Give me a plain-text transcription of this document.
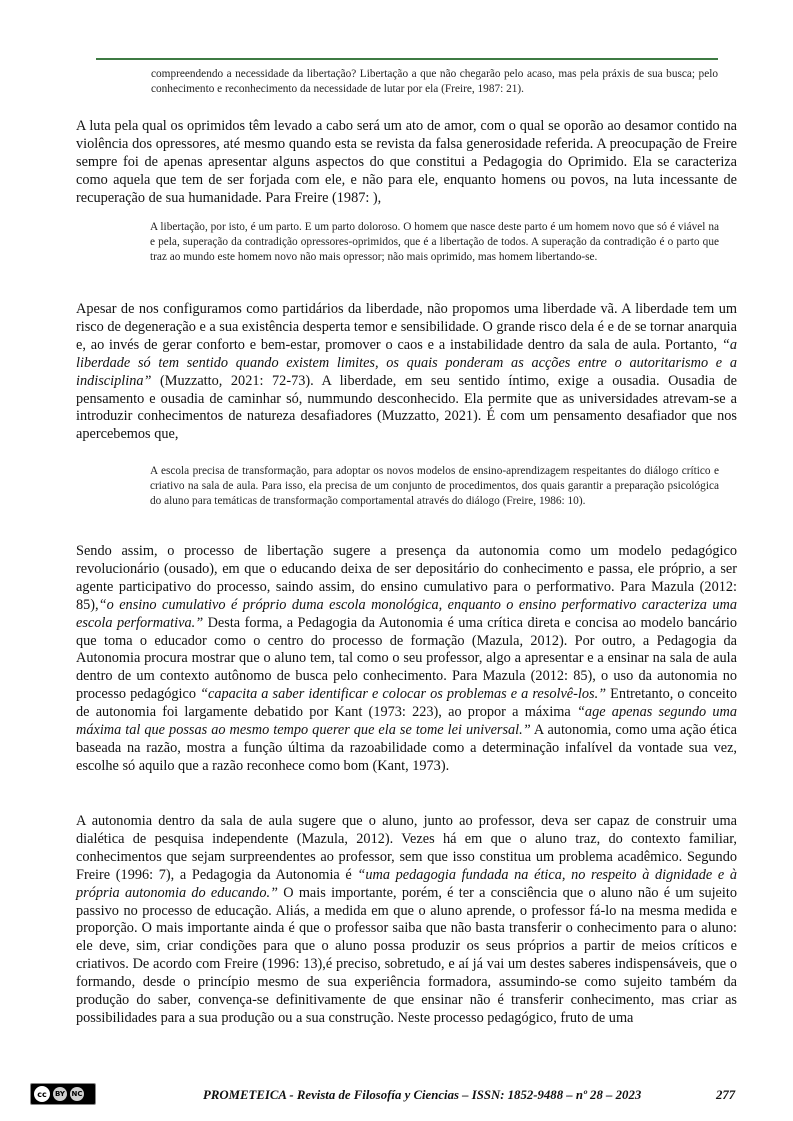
compreendendo a necessidade da libertação? Libertação a que não chegarão pelo acaso, mas pela práxis de sua busca; pelo conhecimento e reconhecimento da necessidade de lutar por ela (Freire, 1987: 21).

A luta pela qual os oprimidos têm levado a cabo será um ato de amor, com o qual se oporão ao desamor contido na violência dos opressores, até mesmo quando esta se revista da falsa generosidade referida. A preocupação de Freire sempre foi de apenas apresentar alguns aspectos do que constitui a Pedagogia do Oprimido. Ela se caracteriza como aquela que tem de ser forjada com ele, e não para ele, enquanto homens ou povos, na luta incessante de recuperação de sua humanidade. Para Freire (1987: ),

A libertação, por isto, é um parto. E um parto doloroso. O homem que nasce deste parto é um homem novo que só é viável na e pela, superação da contradição opressores-oprimidos, que é a libertação de todos. A superação da contradição é o parto que traz ao mundo este homem novo não mais opressor; não mais oprimido, mas homem libertando-se.

Apesar de nos configuramos como partidários da liberdade, não propomos uma liberdade vã. A liberdade tem um risco de degeneração e a sua existência desperta temor e sensibilidade. O grande risco dela é e de se tornar anarquia e, ao invés de gerar conforto e bem-estar, promover o caos e a instabilidade dentro da sala de aula. Portanto, “a liberdade só tem sentido quando existem limites, os quais ponderam as acções entre o autoritarismo e a indisciplina” (Muzzatto, 2021: 72-73). A liberdade, em seu sentido íntimo, exige a ousadia. Ousadia de pensamento e ousadia de caminhar só, nummundo desconhecido. Ela permite que as universidades atrevam-se a introduzir conhecimentos de natureza desafiadores (Muzzatto, 2021). É com um pensamento desafiador que nos apercebemos que,

A escola precisa de transformação, para adoptar os novos modelos de ensino-aprendizagem respeitantes do diálogo crítico e criativo na sala de aula. Para isso, ela precisa de um conjunto de procedimentos, dos quais garantir a preparação psicológica do aluno para temáticas de transformação comportamental através do diálogo (Freire, 1986: 10).

Sendo assim, o processo de libertação sugere a presença da autonomia como um modelo pedagógico revolucionário (ousado), em que o educando deixa de ser depositário do conhecimento e passa, ele próprio, a ser agente participativo do processo, saindo assim, do ensino cumulativo para o performativo. Para Mazula (2012: 85),“o ensino cumulativo é próprio duma escola monológica, enquanto o ensino performativo caracteriza uma escola performativa.” Desta forma, a Pedagogia da Autonomia é uma crítica direta e concisa ao modelo bancário que toma o educador como o centro do processo de formação (Mazula, 2012). Por outro, a Pedagogia da Autonomia procura mostrar que o aluno tem, tal como o seu professor, algo a apresentar e a ensinar na sala de aula dentro de um contexto autônomo de busca pelo conhecimento. Para Mazula (2012: 85), o uso da autonomia no processo pedagógico “capacita a saber identificar e colocar os problemas e a resolvê-los.” Entretanto, o conceito de autonomia foi largamente debatido por Kant (1973: 223), ao propor a máxima “age apenas segundo uma máxima tal que possas ao mesmo tempo querer que ela se tome lei universal.” A autonomia, como uma ação ética baseada na razão, mostra a função última da razoabilidade como a determinação infalível da vontade sua vez, escolhe só aquilo que a razão reconhece como bom (Kant, 1973).

A autonomia dentro da sala de aula sugere que o aluno, junto ao professor, deva ser capaz de construir uma dialética de pesquisa independente (Mazula, 2012). Vezes há em que o aluno traz, do contexto familiar, conhecimentos que sejam surpreendentes ao professor, sem que isso constitua um problema acadêmico. Segundo Freire (1996: 7), a Pedagogia da Autonomia é “uma pedagogia fundada na ética, no respeito à dignidade e à própria autonomia do educando.” O mais importante, porém, é ter a consciência que o aluno não é um sujeito passivo no processo de educação. Aliás, a medida em que o aluno aprende, o professor fá-lo na mesma medida e proporção. O mais importante ainda é que o professor saiba que não basta transferir o conhecimento para o aluno: ele deve, sim, criar condições para que o aluno possa produzir os seus próprios a partir de meios críticos e criativos. De acordo com Freire (1996: 13),é preciso, sobretudo, e aí já vai um destes saberes indispensáveis, que o formando, desde o princípio mesmo de sua experiência formadora, assumindo-se como sujeito também da produção do saber, convença-se definitivamente de que ensinar não é transferir conhecimento, mas criar as possibilidades para a sua produção ou a sua construção. Neste processo pedagógico, fruto de uma

cc	BY NC	PROMETEICA - Revista de Filosofía y Ciencias – ISSN: 1852-9488 – nº 28 – 2023	277
